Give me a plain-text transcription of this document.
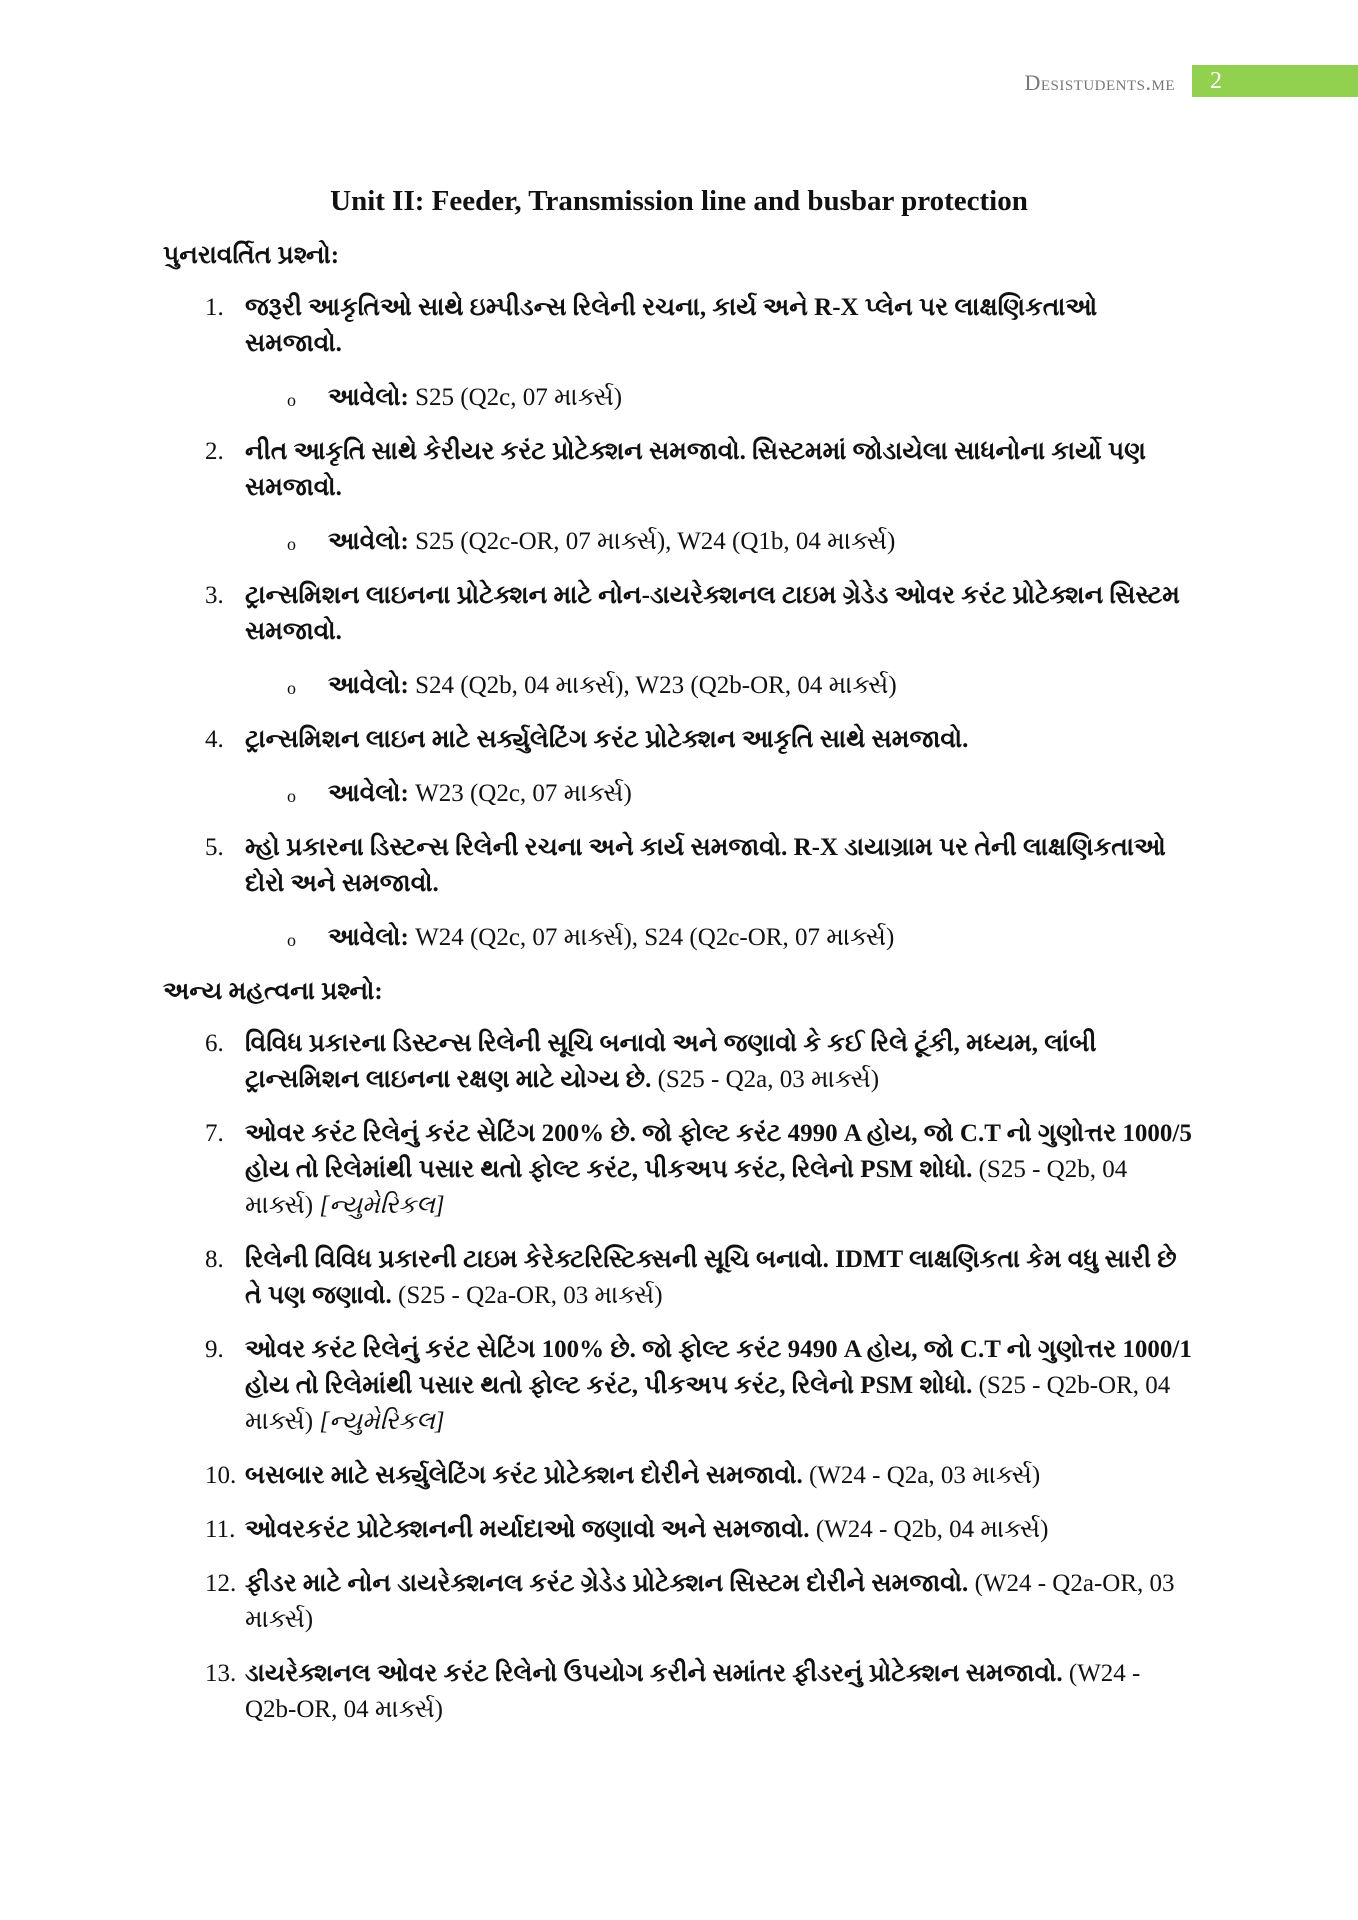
Desistudents.me	2
Unit II: Feeder, Transmission line and busbar protection
પુનરાવર્તિત પ્રશ્નો:
1. જરૂરી આકૃતિઓ સાથે ઇમ્પીડન્સ રિલેની રચના, કાર્ય અને R-X પ્લેન પર લાક્ષણિકતાઓ સમજાવો.
o આવેલો: S25 (Q2c, 07 માર્ક્સ)
2. નીત આકૃતિ સાથે કેરીયર કરંટ પ્રોટેક્શન સમજાવો. સિસ્ટમમાં જોડાયેલા સાધનોના કાર્યો પણ સમજાવો.
o આવેલો: S25 (Q2c-OR, 07 માર્ક્સ), W24 (Q1b, 04 માર્ક્સ)
3. ટ્રાન્સમિશન લાઇનના પ્રોટેક્શન માટે નોન-ડાયરેક્શનલ ટાઇમ ગ્રેડેડ ઓવર કરંટ પ્રોટેક્શન સિસ્ટમ સમજાવો.
o આવેલો: S24 (Q2b, 04 માર્ક્સ), W23 (Q2b-OR, 04 માર્ક્સ)
4. ટ્રાન્સમિશન લાઇન માટે સર્ક્યુલેટિંગ કરંટ પ્રોટેક્શન આકૃતિ સાથે સમજાવો.
o આવેલો: W23 (Q2c, 07 માર્ક્સ)
5. મ્હો પ્રકારના ડિસ્ટન્સ રિલેની રચના અને કાર્ય સમજાવો. R-X ડાયાગ્રામ પર તેની લાક્ષણિકતાઓ દોરો અને સમજાવો.
o આવેલો: W24 (Q2c, 07 માર્ક્સ), S24 (Q2c-OR, 07 માર્ક્સ)
અન્ય મહત્વના પ્રશ્નો:
6. વિવિધ પ્રકારના ડિસ્ટન્સ રિલેની સૂચિ બનાવો અને જણાવો કે કઈ રિલે ટૂંકી, મધ્યમ, લાંબી ટ્રાન્સમિશન લાઇનના રક્ષણ માટે યોગ્ય છે. (S25 - Q2a, 03 માર્ક્સ)
7. ઓવર કરંટ રિલેનું કરંટ સેટિંગ 200% છે. જો ફોલ્ટ કરંટ 4990 A હોય, જો C.T નો ગુણોત્તર 1000/5 હોય તો રિલેમાંથી પસાર થતો ફોલ્ટ કરંટ, પીકઅપ કરંટ, રિલેનો PSM શોધો. (S25 - Q2b, 04 માર્ક્સ) [ન્યુમેરિકલ]
8. રિલેની વિવિધ પ્રકારની ટાઇમ કેરેક્ટરિસ્ટિક્સની સૂચિ બનાવો. IDMT લાક્ષણિકતા કેમ વધુ સારી છે તે પણ જણાવો. (S25 - Q2a-OR, 03 માર્ક્સ)
9. ઓવર કરંટ રિલેનું કરંટ સેટિંગ 100% છે. જો ફોલ્ટ કરંટ 9490 A હોય, જો C.T નો ગુણોત્તર 1000/1 હોય તો રિલેમાંથી પસાર થતો ફોલ્ટ કરંટ, પીકઅપ કરંટ, રિલેનો PSM શોધો. (S25 - Q2b-OR, 04 માર્ક્સ) [ન્યુમેરિકલ]
10. બસબાર માટે સર્ક્યુલેટિંગ કરંટ પ્રોટેક્શન દોરીને સમજાવો. (W24 - Q2a, 03 માર્ક્સ)
11. ઓવરકરંટ પ્રોટેક્શનની મર્યાદાઓ જણાવો અને સમજાવો. (W24 - Q2b, 04 માર્ક્સ)
12. ફીડર માટે નોન ડાયરેક્શનલ કરંટ ગ્રેડેડ પ્રોટેક્શન સિસ્ટમ દોરીને સમજાવો. (W24 - Q2a-OR, 03 માર્ક્સ)
13. ડાયરેક્શનલ ઓવર કરંટ રિલેનો ઉપયોગ કરીને સમાંતર ફીડરનું પ્રોટેક્શન સમજાવો. (W24 - Q2b-OR, 04 માર્ક્સ)
